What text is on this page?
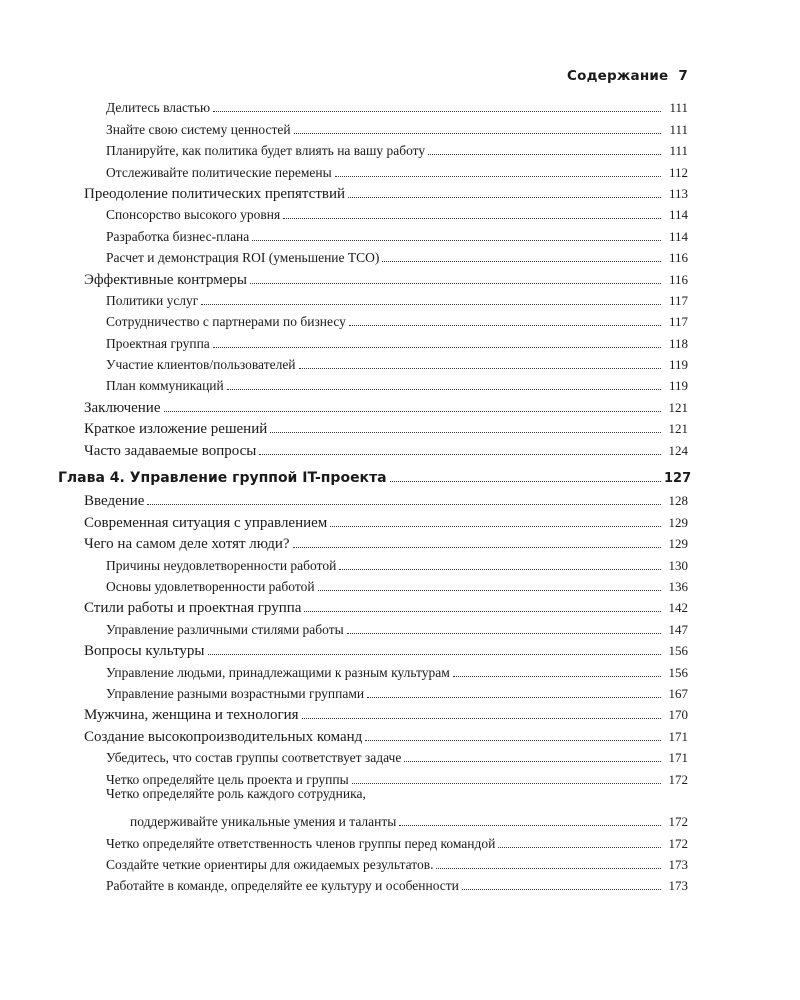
Содержание 7
Делитесь властью	111
Знайте свою систему ценностей	111
Планируйте, как политика будет влиять на вашу работу	111
Отслеживайте политические перемены	112
Преодоление политических препятствий	113
Спонсорство высокого уровня	114
Разработка бизнес-плана	114
Расчет и демонстрация ROI (уменьшение TCO)	116
Эффективные контрмеры	116
Политики услуг	117
Сотрудничество с партнерами по бизнесу	117
Проектная группа	118
Участие клиентов/пользователей	119
План коммуникаций	119
Заключение	121
Краткое изложение решений	121
Часто задаваемые вопросы	124
Глава 4. Управление группой IT-проекта	127
Введение	128
Современная ситуация с управлением	129
Чего на самом деле хотят люди?	129
Причины неудовлетворенности работой	130
Основы удовлетворенности работой	136
Стили работы и проектная группа	142
Управление различными стилями работы	147
Вопросы культуры	156
Управление людьми, принадлежащими к разным культурам	156
Управление разными возрастными группами	167
Мужчина, женщина и технология	170
Создание высокопроизводительных команд	171
Убедитесь, что состав группы соответствует задаче	171
Четко определяйте цель проекта и группы	172
Четко определяйте роль каждого сотрудника,
поддерживайте уникальные умения и таланты	172
Четко определяйте ответственность членов группы перед командой	172
Создайте четкие ориентиры для ожидаемых результатов.	173
Работайте в команде, определяйте ее культуру и особенности	173
